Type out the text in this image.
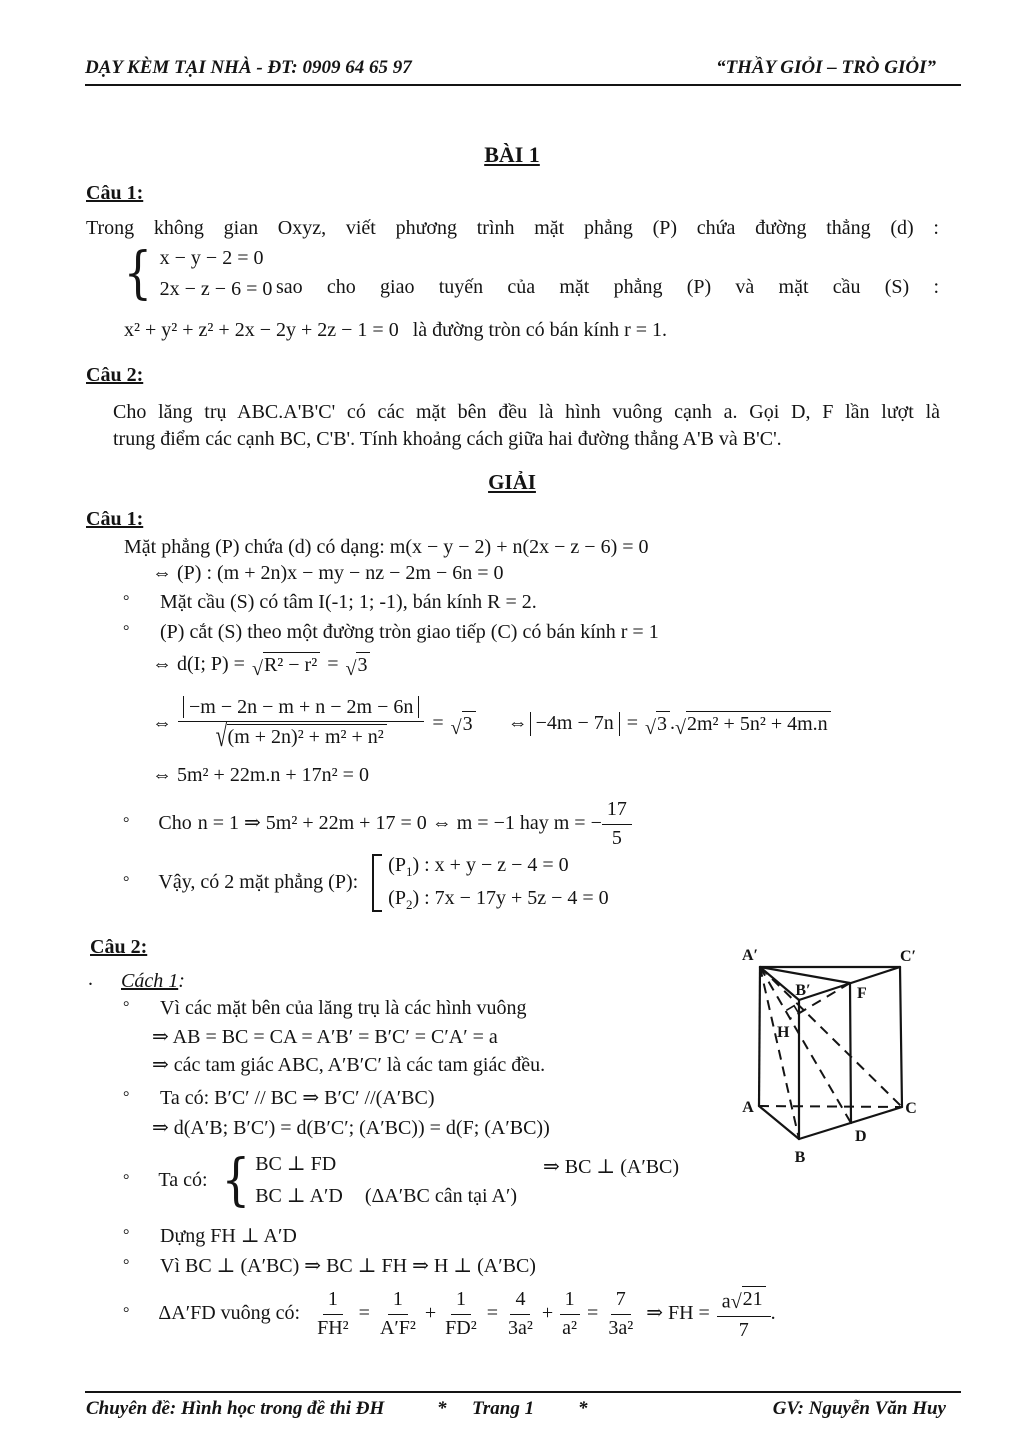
DẠY KÈM TẠI NHÀ - ĐT: 0909 64 65 97	“THẦY GIỎI – TRÒ GIỎI”
BÀI 1
Câu 1:
Trong không gian Oxyz, viết phương trình mặt phẳng (P) chứa đường thẳng (d) :
{ x − y − 2 = 0
2x − z − 6 = 0 sao cho giao tuyến của mặt phẳng (P) và mặt cầu (S) :
x² + y² + z² + 2x − 2y + 2z − 1 = 0 là đường tròn có bán kính r = 1.
Câu 2:
Cho lăng trụ ABC.A'B'C' có các mặt bên đều là hình vuông cạnh a. Gọi D, F lần lượt là
trung điểm các cạnh BC, C'B'. Tính khoảng cách giữa hai đường thẳng A'B và B'C'.
GIẢI
Câu 1:
Mặt phẳng (P) chứa (d) có dạng: m(x − y − 2) + n(2x − z − 6) = 0
⇔ (P) : (m + 2n)x − my − nz − 2m − 6n = 0
° Mặt cầu (S) có tâm I(-1; 1; -1), bán kính R = 2.
° (P) cắt (S) theo một đường tròn giao tiếp (C) có bán kính r = 1
⇔ d(I; P) = √ R² − r² = √ 3
⇔ $\frac{-m - 2n - m + n - 2m - 6n}{\text{√ (m + 2n)² + m² + n²}}$ = √ 3 ⇔ −4m − 7n = √ 3 . √ 2m² + 5n² + 4m.n
⇔ 5m² + 22m.n + 17n² = 0
° Cho n = 1 ⇒ 5m² + 22m + 17 = 0 ⇔ m = −1 hay m = − $\frac{17}{5}$
° Vậy, có 2 mặt phẳng (P):
$(P_1)$ : x + y − z − 4 = 0
$(P_2)$ : 7x − 17y + 5z − 4 = 0
Câu 2:
. Cách 1:
° Vì các mặt bên của lăng trụ là các hình vuông
⇒ AB = BC = CA = A′B′ = B′C′ = C′A′ = a
⇒ các tam giác ABC, A′B′C′ là các tam giác đều.
° Ta có: B′C′ // BC ⇒ B′C′ //(A′BC)
⇒ d(A′B; B′C′) = d(B′C′; (A′BC)) = d(F; (A′BC))
° Ta có: { BC ⊥ FD
BC ⊥ A′D (ΔA′BC cân tại A′)
⇒ BC ⊥ (A′BC)
° Dựng FH ⊥ A′D
° Vì BC ⊥ (A′BC) ⇒ BC ⊥ FH ⇒ H ⊥ (A′BC)
° ΔA′FD vuông có: $\frac{1}{\text{FH²}} = \frac{1}{\text{A′F²}} + \frac{1}{\text{FD²}} = \frac{4}{\text{3a²}} + \frac{1}{\text{a²}} = \frac{7}{\text{3a²}}$ ⇒ FH = $\frac{a √ 21}{7}$ .
A′	C′
B′	F
H
A	C
B
D
Chuyên đề: Hình học trong đề thi ĐH	* Trang 1 *	GV: Nguyễn Văn Huy
